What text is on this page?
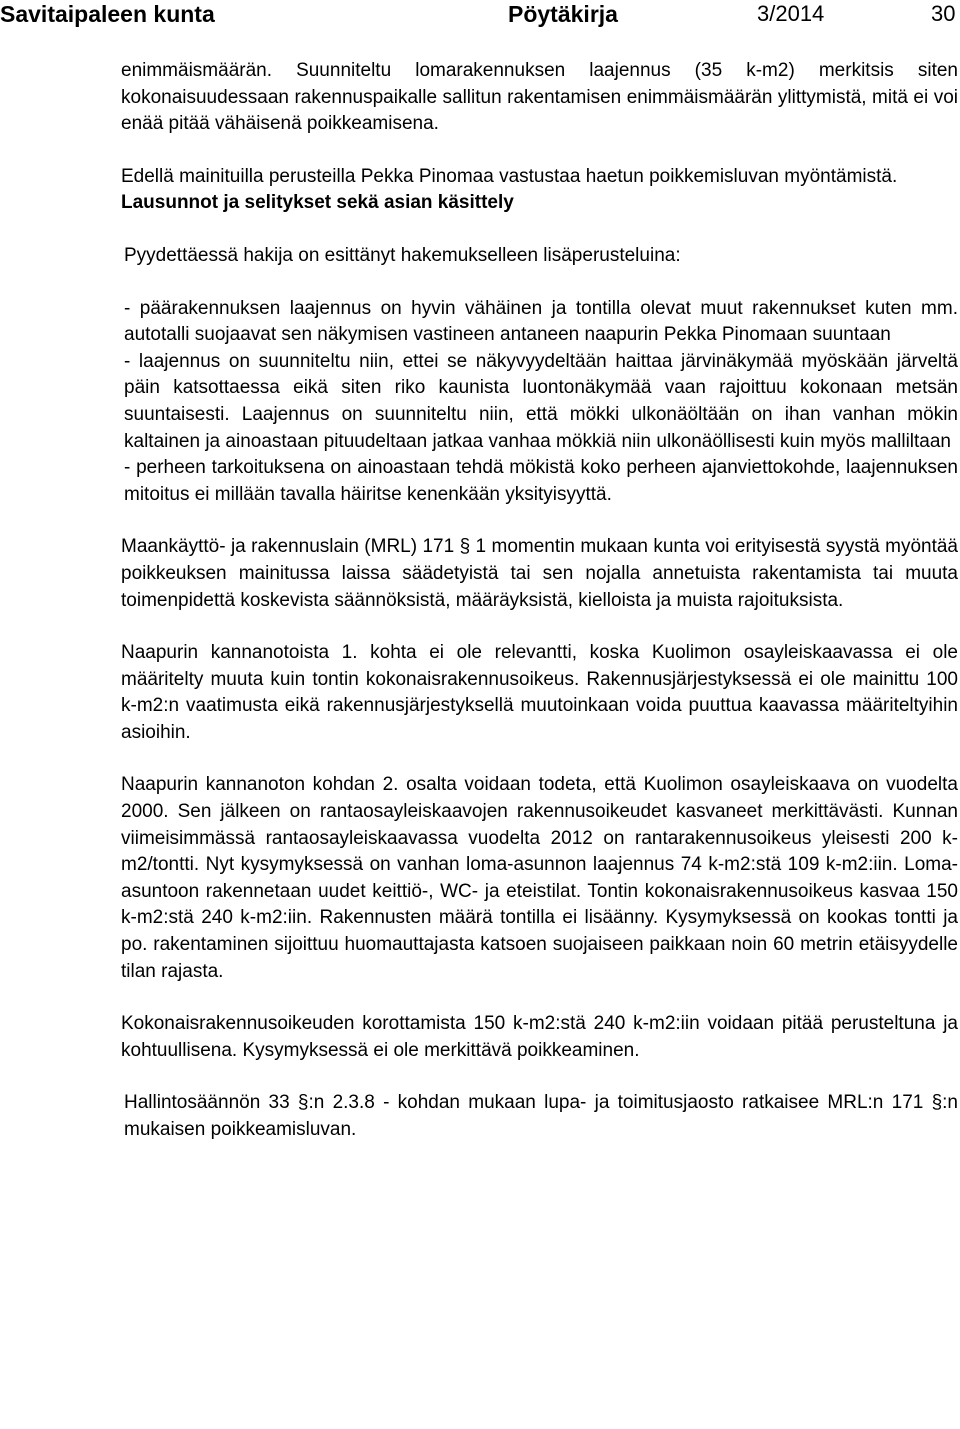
Savitaipaleen kunta	Pöytäkirja	3/2014	30

enimmäismäärän. Suunniteltu lomarakennuksen laajennus (35 k-m2) merkitsis siten kokonaisuudessaan rakennuspaikalle sallitun rakentamisen enimmäismäärän ylittymistä, mitä ei voi enää pitää vähäisenä poikkeamisena.

Edellä mainituilla perusteilla Pekka Pinomaa vastustaa haetun poikkemisluvan myöntämistä.

Lausunnot ja selitykset sekä asian käsittely

Pyydettäessä hakija on esittänyt hakemukselleen lisäperusteluina:

- päärakennuksen laajennus on hyvin vähäinen ja tontilla olevat muut rakennukset kuten mm. autotalli suojaavat sen näkymisen vastineen antaneen naapurin Pekka Pinomaan suuntaan

- laajennus on suunniteltu niin, ettei se näkyvyydeltään haittaa järvinäkymää myöskään järveltä päin katsottaessa eikä siten riko kaunista luontonäkymää vaan rajoittuu kokonaan metsän suuntaisesti. Laajennus on suunniteltu niin, että mökki ulkonäöltään on ihan vanhan mökin kaltainen ja ainoastaan pituudeltaan jatkaa vanhaa mökkiä niin ulkonäöllisesti kuin myös malliltaan

- perheen tarkoituksena on ainoastaan tehdä mökistä koko perheen ajanviettokohde, laajennuksen mitoitus ei millään tavalla häiritse kenenkään yksityisyyttä.

Maankäyttö- ja rakennuslain (MRL) 171 § 1 momentin mukaan kunta voi erityisestä syystä myöntää poikkeuksen mainitussa laissa säädetyistä tai sen nojalla annetuista rakentamista tai muuta toimenpidettä koskevista säännöksistä, määräyksistä, kielloista ja muista rajoituksista.

Naapurin kannanotoista 1. kohta ei ole relevantti, koska Kuolimon osayleiskaavassa ei ole määritelty muuta kuin tontin kokonaisrakennusoikeus. Rakennusjärjestyksessä ei ole mainittu 100 k-m2:n vaatimusta eikä rakennusjärjestyksellä muutoinkaan voida puuttua kaavassa määriteltyihin asioihin.

Naapurin kannanoton kohdan 2. osalta voidaan todeta, että Kuolimon osayleiskaava on vuodelta 2000. Sen jälkeen on rantaosayleiskaavojen rakennusoikeudet kasvaneet merkittävästi. Kunnan viimeisimmässä rantaosayleiskaavassa vuodelta 2012 on rantarakennusoikeus yleisesti 200 k-m2/tontti. Nyt kysymyksessä on vanhan loma-asunnon laajennus 74 k-m2:stä 109 k-m2:iin. Loma-asuntoon rakennetaan uudet keittiö-, WC- ja eteistilat. Tontin kokonaisrakennusoikeus kasvaa 150 k-m2:stä 240 k-m2:iin. Rakennusten määrä tontilla ei lisäänny. Kysymyksessä on kookas tontti ja po. rakentaminen sijoittuu huomauttajasta katsoen suojaiseen paikkaan noin 60 metrin etäisyydelle tilan rajasta.

Kokonaisrakennusoikeuden korottamista 150 k-m2:stä 240 k-m2:iin voidaan pitää perusteltuna ja kohtuullisena. Kysymyksessä ei ole merkittävä poikkeaminen.

Hallintosäännön 33 §:n 2.3.8 - kohdan mukaan lupa- ja toimitusjaosto ratkaisee MRL:n 171 §:n mukaisen poikkeamisluvan.
